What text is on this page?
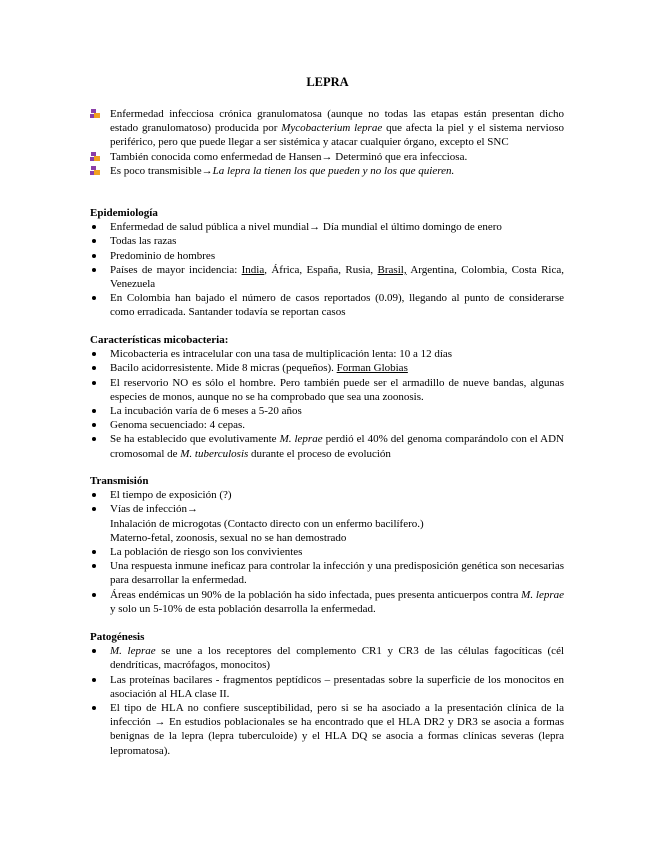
LEPRA
Enfermedad infecciosa crónica granulomatosa (aunque no todas las etapas están presentan dicho estado granulomatoso) producida por Mycobacterium leprae que afecta la piel y el sistema nervioso periférico, pero que puede llegar a ser sistémica y atacar cualquier órgano, excepto el SNC
También conocida como enfermedad de Hansen→ Determinó que era infecciosa.
Es poco transmisible→La lepra la tienen los que pueden y no los que quieren.
Epidemiología
Enfermedad de salud pública a nivel mundial→ Día mundial el último domingo de enero
Todas las razas
Predominio de hombres
Países de mayor incidencia: India, África, España, Rusia, Brasil, Argentina, Colombia, Costa Rica, Venezuela
En Colombia han bajado el número de casos reportados (0.09), llegando al punto de considerarse como erradicada. Santander todavía se reportan casos
Características micobacteria:
Micobacteria es intracelular con una tasa de multiplicación lenta: 10 a 12 días
Bacilo acidorresistente. Mide 8 micras (pequeños). Forman Globias
El reservorio NO es sólo el hombre. Pero también puede ser el armadillo de nueve bandas, algunas especies de monos, aunque no se ha comprobado que sea una zoonosis.
La incubación varía de 6 meses a 5-20 años
Genoma secuenciado: 4 cepas.
Se ha establecido que evolutivamente M. leprae perdió el 40% del genoma comparándolo con el ADN cromosomal de M. tuberculosis durante el proceso de evolución
Transmisión
El tiempo de exposición (?)
Vías de infección→
Inhalación de microgotas (Contacto directo con un enfermo bacilífero.)
Materno-fetal, zoonosis, sexual no se han demostrado
La población de riesgo son los convivientes
Una respuesta inmune ineficaz para controlar la infección y una predisposición genética son necesarias para desarrollar la enfermedad.
Áreas endémicas un 90% de la población ha sido infectada, pues presenta anticuerpos contra M. leprae y solo un 5-10% de esta población desarrolla la enfermedad.
Patogénesis
M. leprae se une a los receptores del complemento CR1 y CR3 de las células fagocíticas (cél dendríticas, macrófagos, monocitos)
Las proteínas bacilares - fragmentos peptídicos – presentadas sobre la superficie de los monocitos en asociación al HLA clase II.
El tipo de HLA no confiere susceptibilidad, pero si se ha asociado a la presentación clínica de la infección → En estudios poblacionales se ha encontrado que el HLA DR2 y DR3 se asocia a formas benignas de la lepra (lepra tuberculoide) y el HLA DQ se asocia a formas clínicas severas (lepra lepromatosa).
